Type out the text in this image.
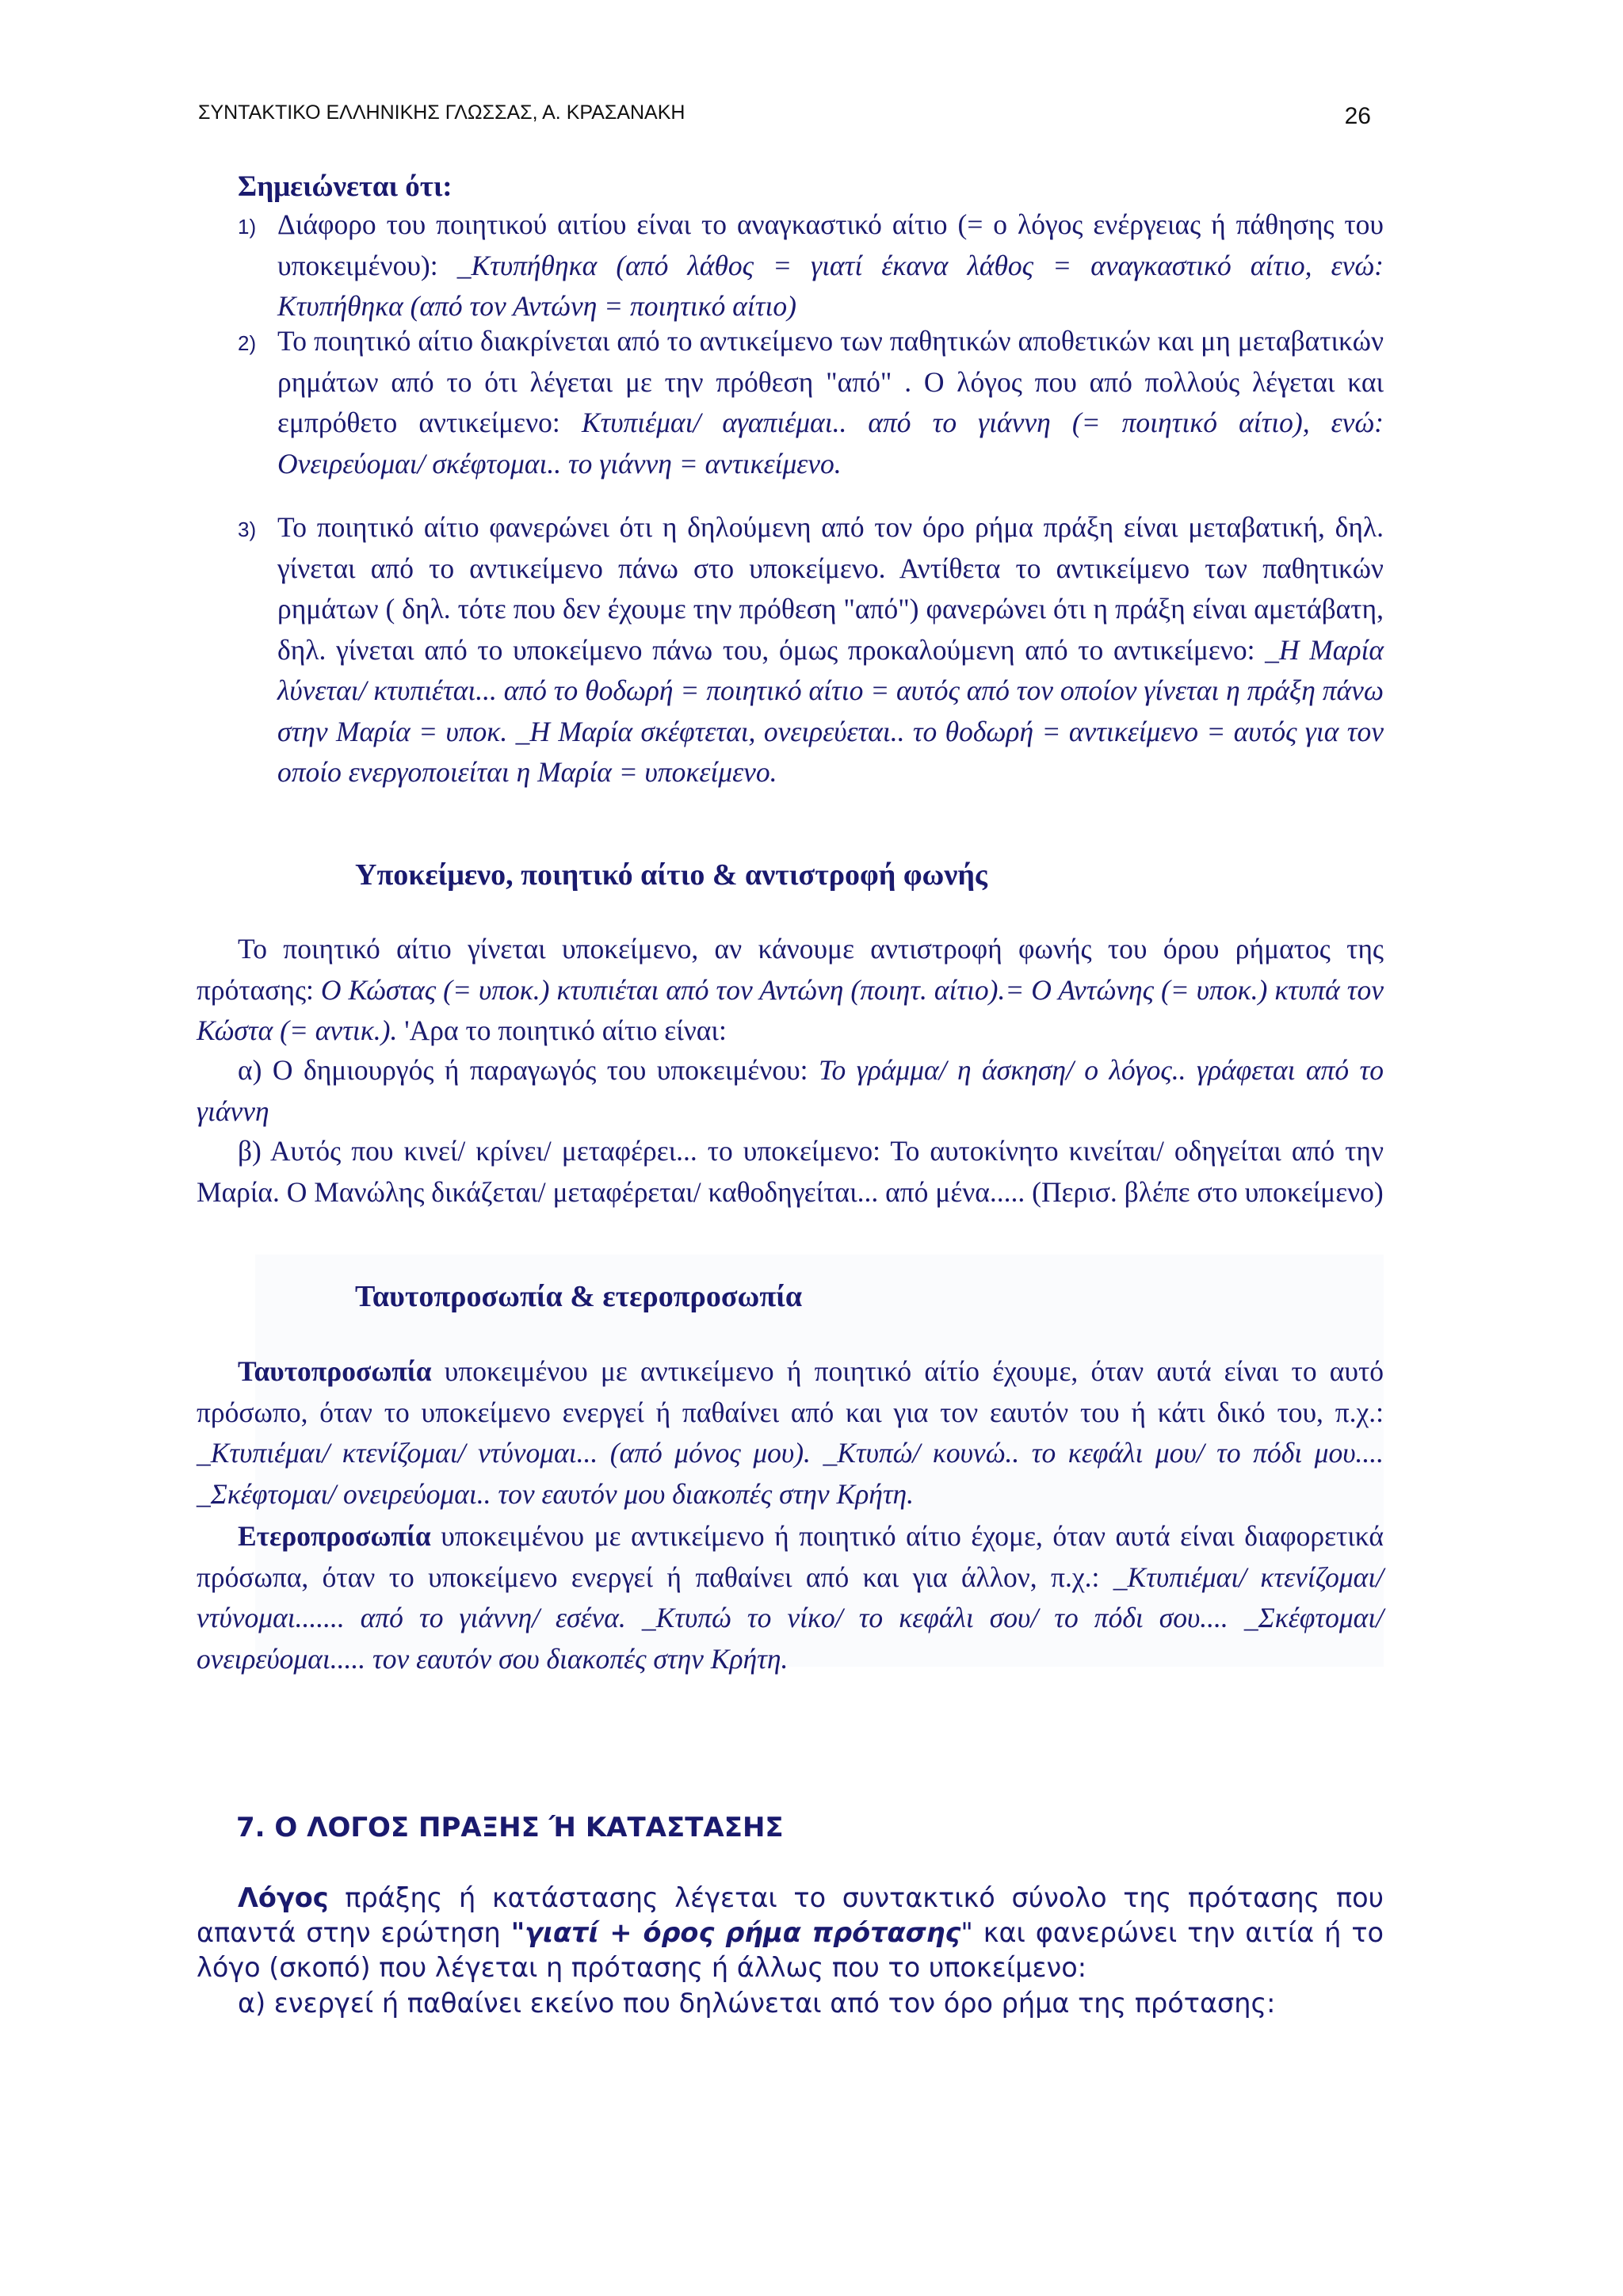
ΣΥΝΤΑΚΤΙΚΟ ΕΛΛΗΝΙΚΗΣ ΓΛΩΣΣΑΣ, Α. ΚΡΑΣΑΝΑΚΗ	26
Σημειώνεται ότι:
1) Διάφορο του ποιητικού αιτίου είναι το αναγκαστικό αίτιο (= ο λόγος ενέργειας ή πάθησης του υποκειμένου): _Κτυπήθηκα (από λάθος = γιατί έκανα λάθος = αναγκαστικό αίτιο, ενώ: Κτυπήθηκα (από τον Αντώνη = ποιητικό αίτιο)

2) Το ποιητικό αίτιο διακρίνεται από το αντικείμενο των παθητικών αποθετικών και μη μεταβατικών ρημάτων από το ότι λέγεται με την πρόθεση "από" . Ο λόγος που από πολλούς λέγεται και εμπρόθετο αντικείμενο: Κτυπιέμαι/ αγαπιέμαι.. από το γιάννη (= ποιητικό αίτιο), ενώ: Ονειρεύομαι/ σκέφτομαι.. το γιάννη = αντικείμενο.

3) Το ποιητικό αίτιο φανερώνει ότι η δηλούμενη από τον όρο ρήμα πράξη είναι μεταβατική, δηλ. γίνεται από το αντικείμενο πάνω στο υποκείμενο. Αντίθετα το αντικείμενο των παθητικών ρημάτων ( δηλ. τότε που δεν έχουμε την πρόθεση "από") φανερώνει ότι η πράξη είναι αμετάβατη, δηλ. γίνεται από το υποκείμενο πάνω του, όμως προκαλούμενη από το αντικείμενο: _Η Μαρία λύνεται/ κτυπιέται... από το θοδωρή = ποιητικό αίτιο = αυτός από τον οποίον γίνεται η πράξη πάνω στην Μαρία = υποκ. _Η Μαρία σκέφτεται, ονειρεύεται.. το θοδωρή = αντικείμενο = αυτός για τον οποίο ενεργοποιείται η Μαρία = υποκείμενο.

Υποκείμενο, ποιητικό αίτιο & αντιστροφή φωνής

Το ποιητικό αίτιο γίνεται υποκείμενο, αν κάνουμε αντιστροφή φωνής του όρου ρήματος της πρότασης: Ο Κώστας (= υποκ.) κτυπιέται από τον Αντώνη (ποιητ. αίτιο).= Ο Αντώνης (= υποκ.) κτυπά τον Κώστα (= αντικ.). 'Αρα το ποιητικό αίτιο είναι:

α) Ο δημιουργός ή παραγωγός του υποκειμένου: Το γράμμα/ η άσκηση/ ο λόγος.. γράφεται από το γιάννη

β) Αυτός που κινεί/ κρίνει/ μεταφέρει... το υποκείμενο: Το αυτοκίνητο κινείται/ οδηγείται από την Μαρία. Ο Μανώλης δικάζεται/ μεταφέρεται/ καθοδηγείται... από μένα..... (Περισ. βλέπε στο υποκείμενο)

Ταυτοπροσωπία & ετεροπροσωπία

Ταυτοπροσωπία υποκειμένου με αντικείμενο ή ποιητικό αίτίο έχουμε, όταν αυτά είναι το αυτό πρόσωπο, όταν το υποκείμενο ενεργεί ή παθαίνει από και για τον εαυτόν του ή κάτι δικό του, π.χ.: _Κτυπιέμαι/ κτενίζομαι/ ντύνομαι... (από μόνος μου). _Κτυπώ/ κουνώ.. το κεφάλι μου/ το πόδι μου.... _Σκέφτομαι/ ονειρεύομαι.. τον εαυτόν μου διακοπές στην Κρήτη.

Ετεροπροσωπία υποκειμένου με αντικείμενο ή ποιητικό αίτιο έχομε, όταν αυτά είναι διαφορετικά πρόσωπα, όταν το υποκείμενο ενεργεί ή παθαίνει από και για άλλον, π.χ.: _Κτυπιέμαι/ κτενίζομαι/ ντύνομαι....... από το γιάννη/ εσένα. _Κτυπώ το νίκο/ το κεφάλι σου/ το πόδι σου.... _Σκέφτομαι/ ονειρεύομαι..... τον εαυτόν σου διακοπές στην Κρήτη.

7. Ο ΛΟΓΟΣ ΠΡΑΞΗΣ Ή ΚΑΤΑΣΤΑΣΗΣ

Λόγος πράξης ή κατάστασης λέγεται το συντακτικό σύνολο της πρότασης που απαντά στην ερώτηση "γιατί + όρος ρήμα πρότασης" και φανερώνει την αιτία ή το λόγο (σκοπό) που λέγεται η πρότασης ή άλλως που το υποκείμενο:

α) ενεργεί ή παθαίνει εκείνο που δηλώνεται από τον όρο ρήμα της πρότασης:
